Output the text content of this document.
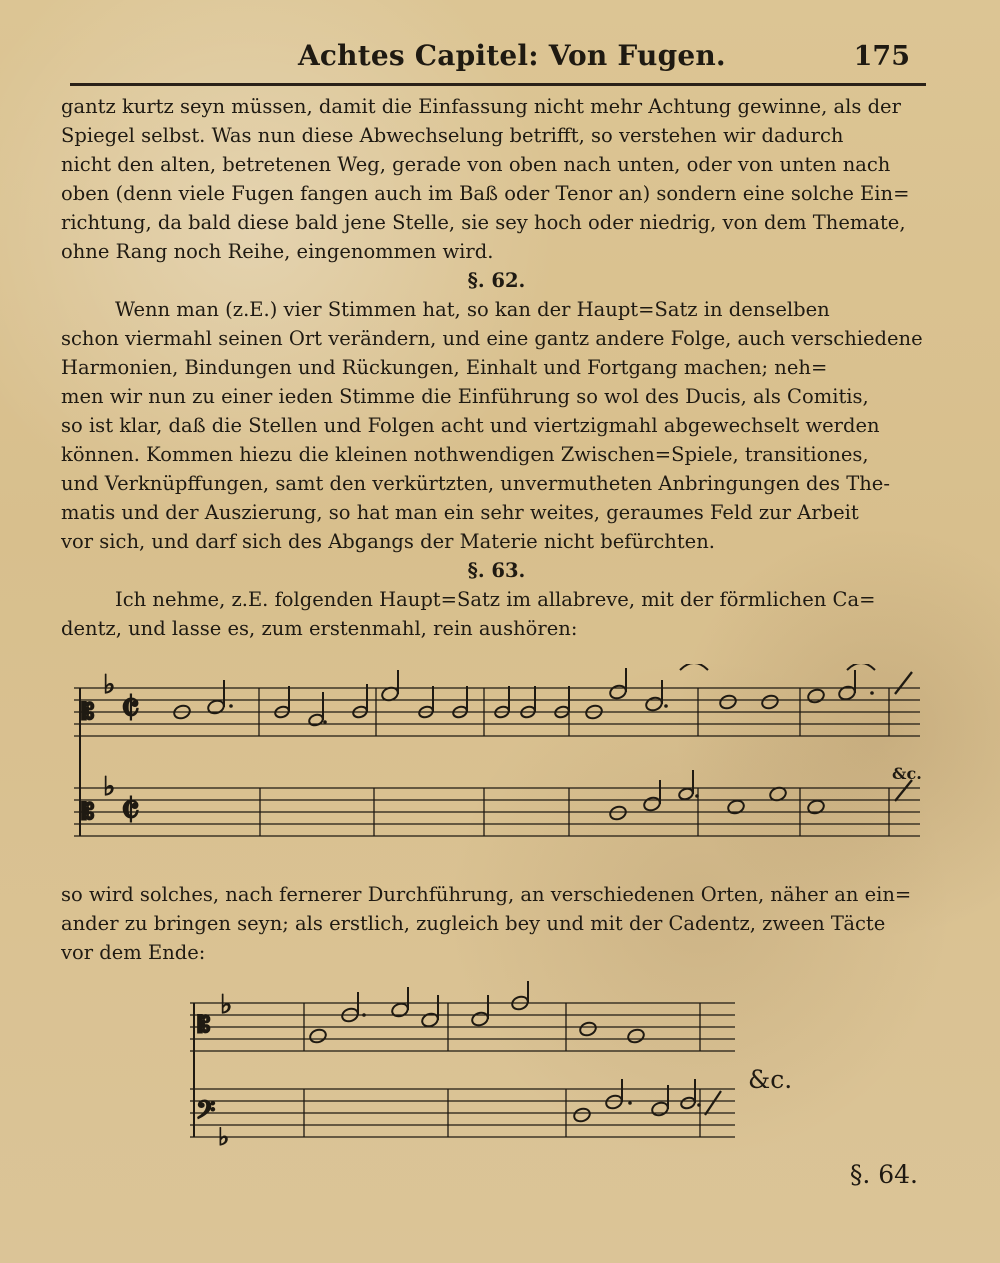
Achtes Capitel: Von Fugen.	175
gantz kurtz seyn müssen, damit die Einfassung nicht mehr Achtung gewinne, als der
Spiegel selbst. Was nun diese Abwechselung betrifft, so verstehen wir dadurch
nicht den alten, betretenen Weg, gerade von oben nach unten, oder von unten nach
oben (denn viele Fugen fangen auch im Baß oder Tenor an) sondern eine solche Ein=
richtung, da bald diese bald jene Stelle, sie sey hoch oder niedrig, von dem Themate,
ohne Rang noch Reihe, eingenommen wird.
§. 62.
Wenn man (z.E.) vier Stimmen hat, so kan der Haupt=Satz in denselben
schon viermahl seinen Ort verändern, und eine gantz andere Folge, auch verschiedene
Harmonien, Bindungen und Rückungen, Einhalt und Fortgang machen; neh=
men wir nun zu einer ieden Stimme die Einführung so wol des Ducis, als Comitis,
so ist klar, daß die Stellen und Folgen acht und viertzigmahl abgewechselt werden
können. Kommen hiezu die kleinen nothwendigen Zwischen=Spiele, transitiones,
und Verknüpffungen, samt den verkürtzten, unvermutheten Anbringungen des The-
matis und der Auszierung, so hat man ein sehr weites, geraumes Feld zur Arbeit
vor sich, und darf sich des Abgangs der Materie nicht befürchten.
§. 63.
Ich nehme, z.E. folgenden Haupt=Satz im allabreve, mit der förmlichen Ca=
dentz, und lasse es, zum erstenmahl, rein aushören:
𝄡
♭ 𝄵
𝄡
♭ 𝄵
&c.
so wird solches, nach fernerer Durchführung, an verschiedenen Orten, näher an ein=
ander zu bringen seyn; als erstlich, zugleich bey und mit der Cadentz, zween Täcte
vor dem Ende:
𝄡
♭
𝄢
♭
&c.
§. 64.
